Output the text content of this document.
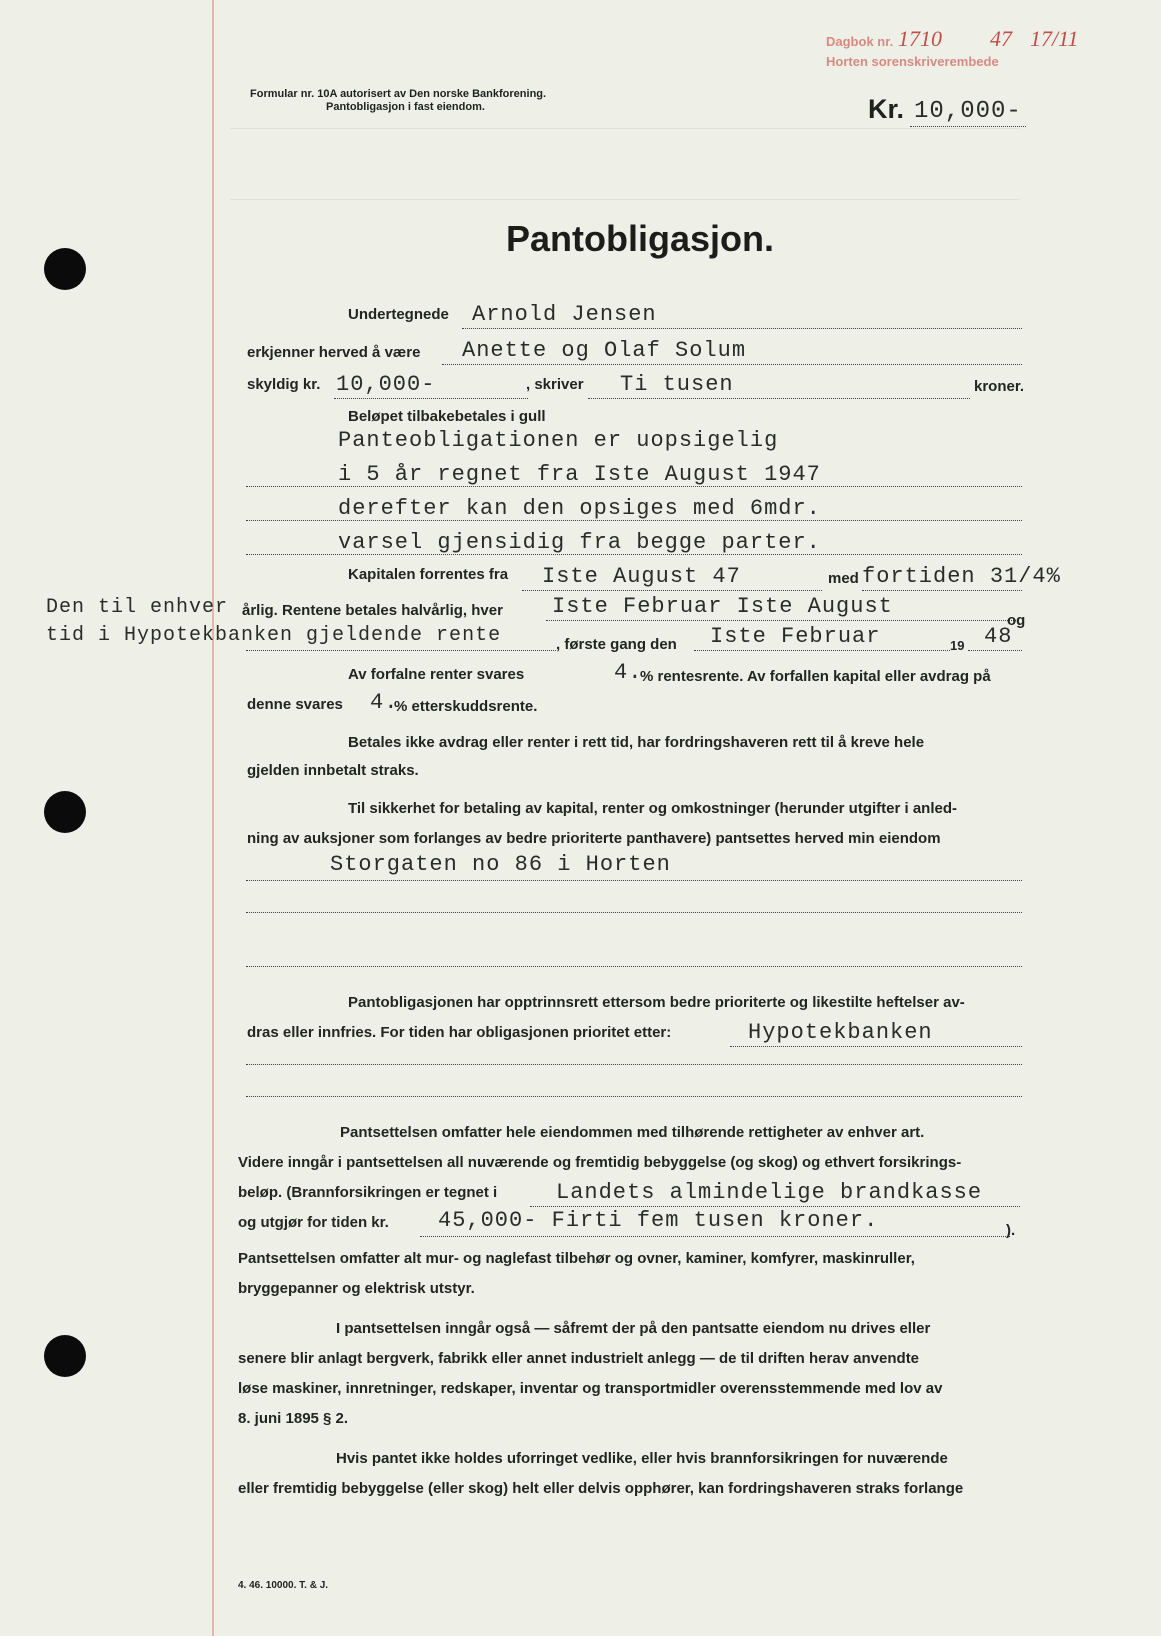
Dagbok nr. 1710 47 17/11
Horten sorenskriverembede
Formular nr. 10A autorisert av Den norske Bankforening.
Pantobligasjon i fast eiendom.	Kr. 10,000-
Pantobligasjon.
Undertegnede Arnold Jensen
erkjenner herved å være Anette og Olaf Solum
skyldig kr. 10,000-	, skriver Ti tusen	kroner.
Beløpet tilbakebetales i gull
Panteobligationen er uopsigelig
i 5 år regnet fra Iste August 1947
derefter kan den opsiges med 6mdr.
varsel gjensidig fra begge parter.
Kapitalen forrentes fra Iste August 47	med fortiden 31/4%
Den til enhver årlig. Rentene betales halvårlig, hver Iste Februar Iste August
og
tid i Hypotekbanken gjeldende rente	, første gang den Iste Februar	19 48
Av forfalne renter svares	4.
% rentesrente. Av forfallen kapital eller avdrag på
denne svares 4.
% etterskuddsrente.
Betales ikke avdrag eller renter i rett tid, har fordringshaveren rett til å kreve hele
gjelden innbetalt straks.
Til sikkerhet for betaling av kapital, renter og omkostninger (herunder utgifter i anled-
ning av auksjoner som forlanges av bedre prioriterte panthavere) pantsettes herved min eiendom
Storgaten no 86 i Horten
Pantobligasjonen har opptrinnsrett ettersom bedre prioriterte og likestilte heftelser av-
dras eller innfries. For tiden har obligasjonen prioritet etter:	Hypotekbanken
Pantsettelsen omfatter hele eiendommen med tilhørende rettigheter av enhver art.
Videre inngår i pantsettelsen all nuværende og fremtidig bebyggelse (og skog) og ethvert forsikrings-
beløp. (Brannforsikringen er tegnet i	Landets almindelige brandkasse
og utgjør for tiden kr. 45,000- Firti fem tusen kroner.	).
Pantsettelsen omfatter alt mur- og naglefast tilbehør og ovner, kaminer, komfyrer, maskinruller,
bryggepanner og elektrisk utstyr.
I pantsettelsen inngår også — såfremt der på den pantsatte eiendom nu drives eller
senere blir anlagt bergverk, fabrikk eller annet industrielt anlegg — de til driften herav anvendte
løse maskiner, innretninger, redskaper, inventar og transportmidler overensstemmende med lov av
8. juni 1895 § 2.
Hvis pantet ikke holdes uforringet vedlike, eller hvis brannforsikringen for nuværende
eller fremtidig bebyggelse (eller skog) helt eller delvis opphører, kan fordringshaveren straks forlange
4. 46. 10000. T. & J.
